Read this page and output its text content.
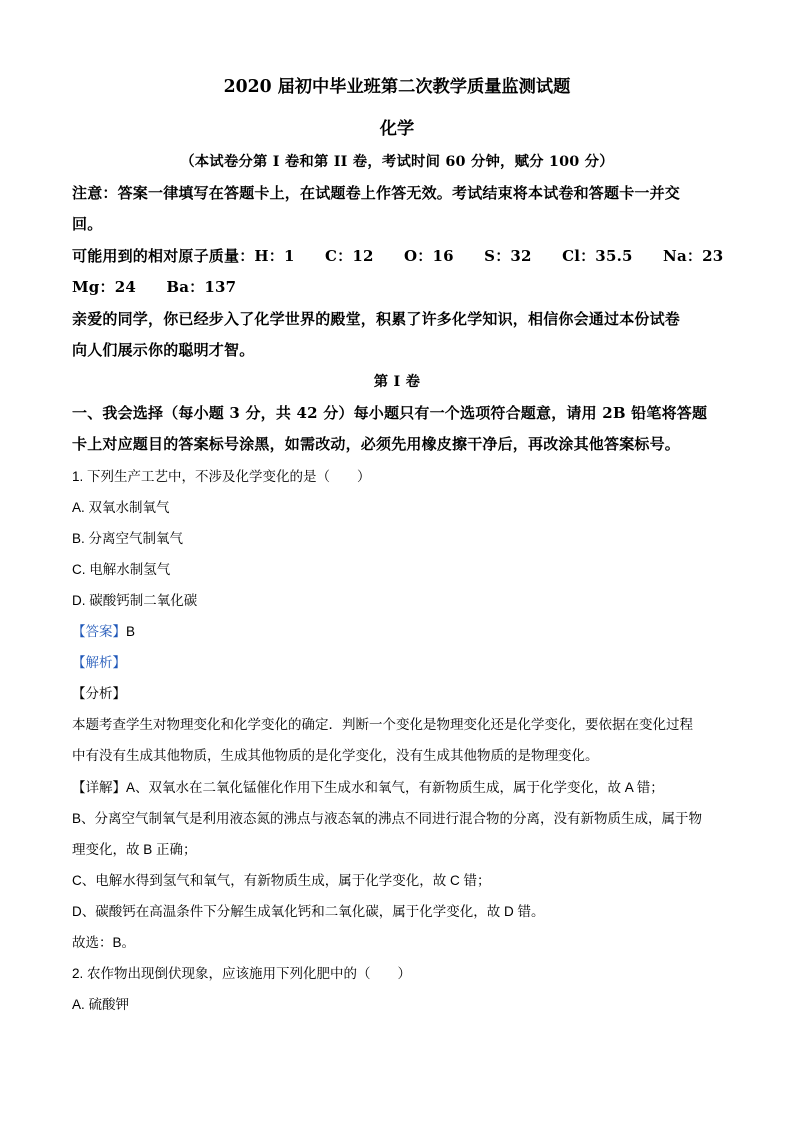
2020 届初中毕业班第二次教学质量监测试题
化学
（本试卷分第 I 卷和第 II 卷，考试时间 60 分钟，赋分 100 分）
注意：答案一律填写在答题卡上，在试题卷上作答无效。考试结束将本试卷和答题卡一并交
回。
可能用到的相对原子质量：H：1　　C：12　　O：16　　S：32　　Cl：35.5　　Na：23
Mg：24　　Ba：137
亲爱的同学，你已经步入了化学世界的殿堂，积累了许多化学知识，相信你会通过本份试卷
向人们展示你的聪明才智。
第 I 卷
一、我会选择（每小题 3 分，共 42 分）每小题只有一个选项符合题意，请用 2B 铅笔将答题
卡上对应题目的答案标号涂黑，如需改动，必须先用橡皮擦干净后，再改涂其他答案标号。
1. 下列生产工艺中，不涉及化学变化的是（　　）
A. 双氧水制氧气
B. 分离空气制氧气
C. 电解水制氢气
D. 碳酸钙制二氧化碳
【答案】B
【解析】
【分析】
本题考查学生对物理变化和化学变化的确定．判断一个变化是物理变化还是化学变化，要依据在变化过程
中有没有生成其他物质，生成其他物质的是化学变化，没有生成其他物质的是物理变化。
【详解】A、双氧水在二氧化锰催化作用下生成水和氧气，有新物质生成，属于化学变化，故 A 错；
B、分离空气制氧气是利用液态氮的沸点与液态氧的沸点不同进行混合物的分离，没有新物质生成，属于物
理变化，故 B 正确；
C、电解水得到氢气和氧气，有新物质生成，属于化学变化，故 C 错；
D、碳酸钙在高温条件下分解生成氧化钙和二氧化碳，属于化学变化，故 D 错。
故选：B。
2. 农作物出现倒伏现象，应该施用下列化肥中的（　　）
A. 硫酸钾
